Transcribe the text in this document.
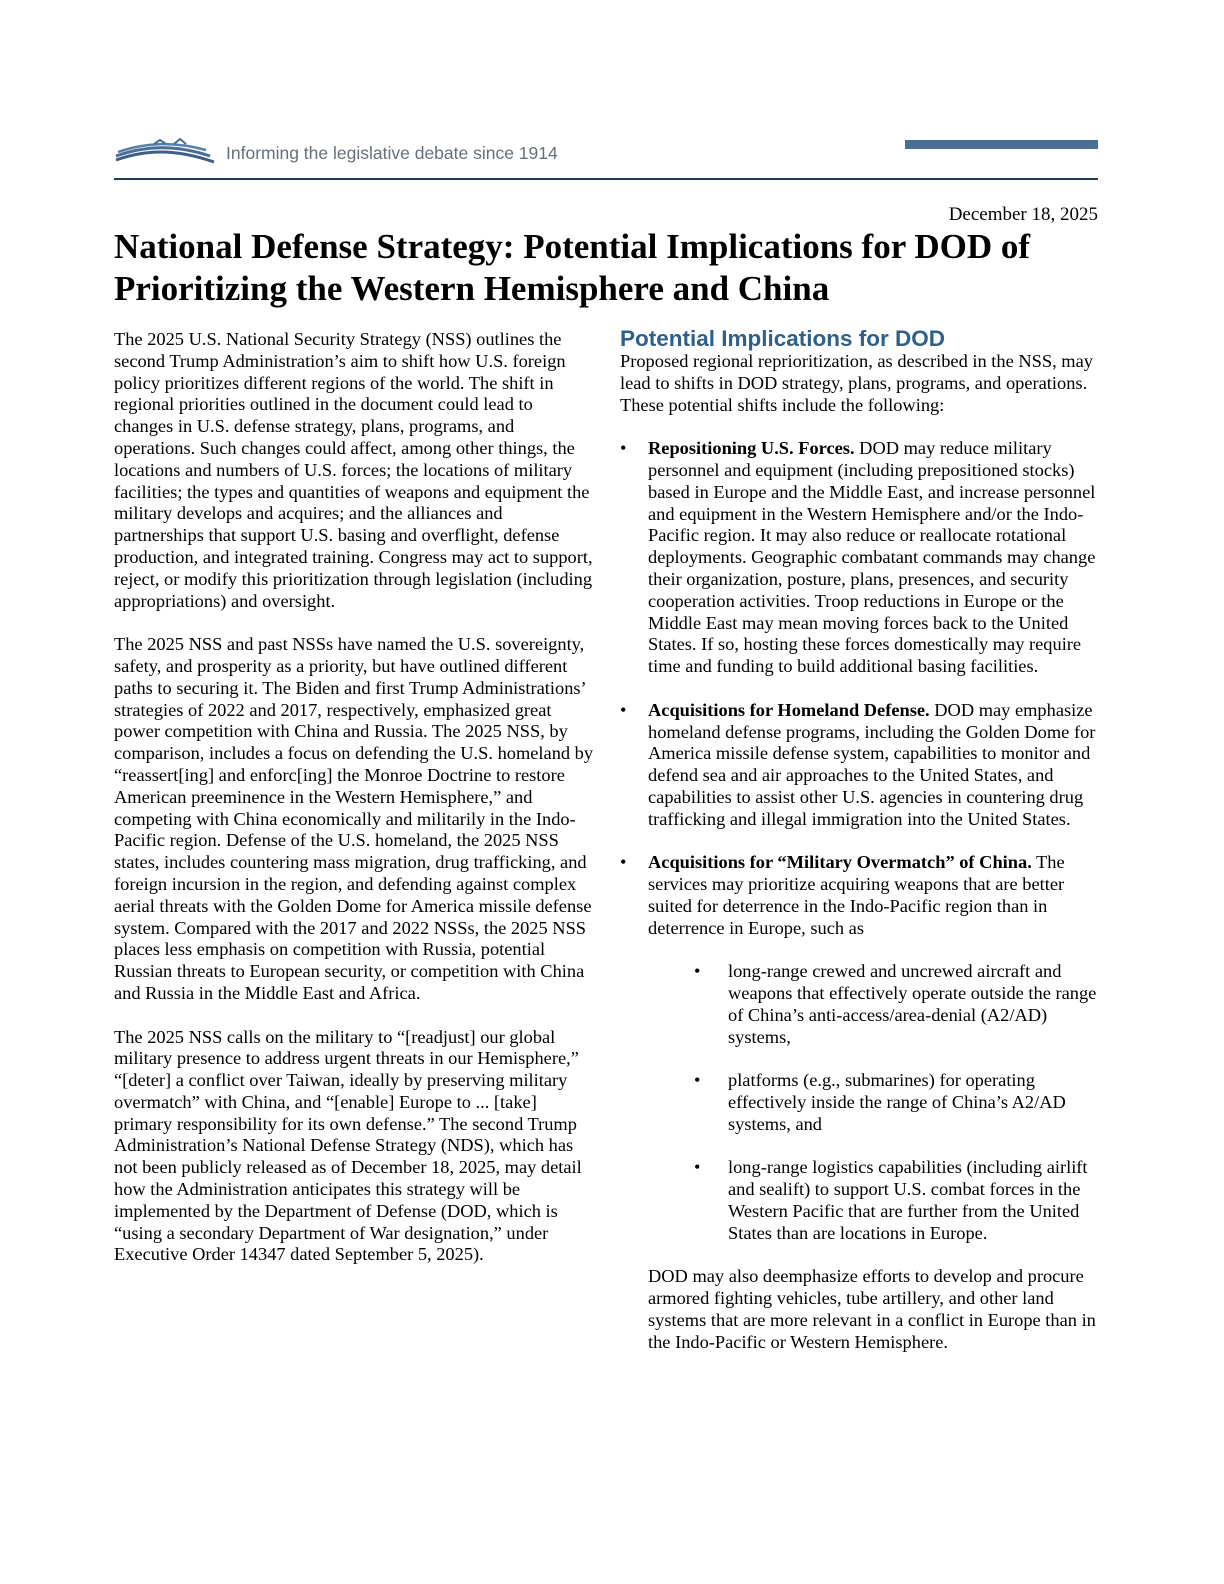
Informing the legislative debate since 1914
December 18, 2025
National Defense Strategy: Potential Implications for DOD of Prioritizing the Western Hemisphere and China

The 2025 U.S. National Security Strategy (NSS) outlines the second Trump Administration’s aim to shift how U.S. foreign policy prioritizes different regions of the world. The shift in regional priorities outlined in the document could lead to changes in U.S. defense strategy, plans, programs, and operations. Such changes could affect, among other things, the locations and numbers of U.S. forces; the locations of military facilities; the types and quantities of weapons and equipment the military develops and acquires; and the alliances and partnerships that support U.S. basing and overflight, defense production, and integrated training. Congress may act to support, reject, or modify this prioritization through legislation (including appropriations) and oversight.

The 2025 NSS and past NSSs have named the U.S. sovereignty, safety, and prosperity as a priority, but have outlined different paths to securing it. The Biden and first Trump Administrations’ strategies of 2022 and 2017, respectively, emphasized great power competition with China and Russia. The 2025 NSS, by comparison, includes a focus on defending the U.S. homeland by “reassert[ing] and enforc[ing] the Monroe Doctrine to restore American preeminence in the Western Hemisphere,” and competing with China economically and militarily in the Indo-Pacific region. Defense of the U.S. homeland, the 2025 NSS states, includes countering mass migration, drug trafficking, and foreign incursion in the region, and defending against complex aerial threats with the Golden Dome for America missile defense system. Compared with the 2017 and 2022 NSSs, the 2025 NSS places less emphasis on competition with Russia, potential Russian threats to European security, or competition with China and Russia in the Middle East and Africa.

The 2025 NSS calls on the military to “[readjust] our global military presence to address urgent threats in our Hemisphere,” “[deter] a conflict over Taiwan, ideally by preserving military overmatch” with China, and “[enable] Europe to ... [take] primary responsibility for its own defense.” The second Trump Administration’s National Defense Strategy (NDS), which has not been publicly released as of December 18, 2025, may detail how the Administration anticipates this strategy will be implemented by the Department of Defense (DOD, which is “using a secondary Department of War designation,” under Executive Order 14347 dated September 5, 2025).

Potential Implications for DOD

Proposed regional reprioritization, as described in the NSS, may lead to shifts in DOD strategy, plans, programs, and operations. These potential shifts include the following:

• Repositioning U.S. Forces. DOD may reduce military personnel and equipment (including prepositioned stocks) based in Europe and the Middle East, and increase personnel and equipment in the Western Hemisphere and/or the Indo-Pacific region. It may also reduce or reallocate rotational deployments. Geographic combatant commands may change their organization, posture, plans, presences, and security cooperation activities. Troop reductions in Europe or the Middle East may mean moving forces back to the United States. If so, hosting these forces domestically may require time and funding to build additional basing facilities.
• Acquisitions for Homeland Defense. DOD may emphasize homeland defense programs, including the Golden Dome for America missile defense system, capabilities to monitor and defend sea and air approaches to the United States, and capabilities to assist other U.S. agencies in countering drug trafficking and illegal immigration into the United States.
• Acquisitions for “Military Overmatch” of China. The services may prioritize acquiring weapons that are better suited for deterrence in the Indo-Pacific region than in deterrence in Europe, such as
• long-range crewed and uncrewed aircraft and weapons that effectively operate outside the range of China’s anti-access/area-denial (A2/AD) systems,
• platforms (e.g., submarines) for operating effectively inside the range of China’s A2/AD systems, and
• long-range logistics capabilities (including airlift and sealift) to support U.S. combat forces in the Western Pacific that are further from the United States than are locations in Europe.

DOD may also deemphasize efforts to develop and procure armored fighting vehicles, tube artillery, and other land systems that are more relevant in a conflict in Europe than in the Indo-Pacific or Western Hemisphere.
